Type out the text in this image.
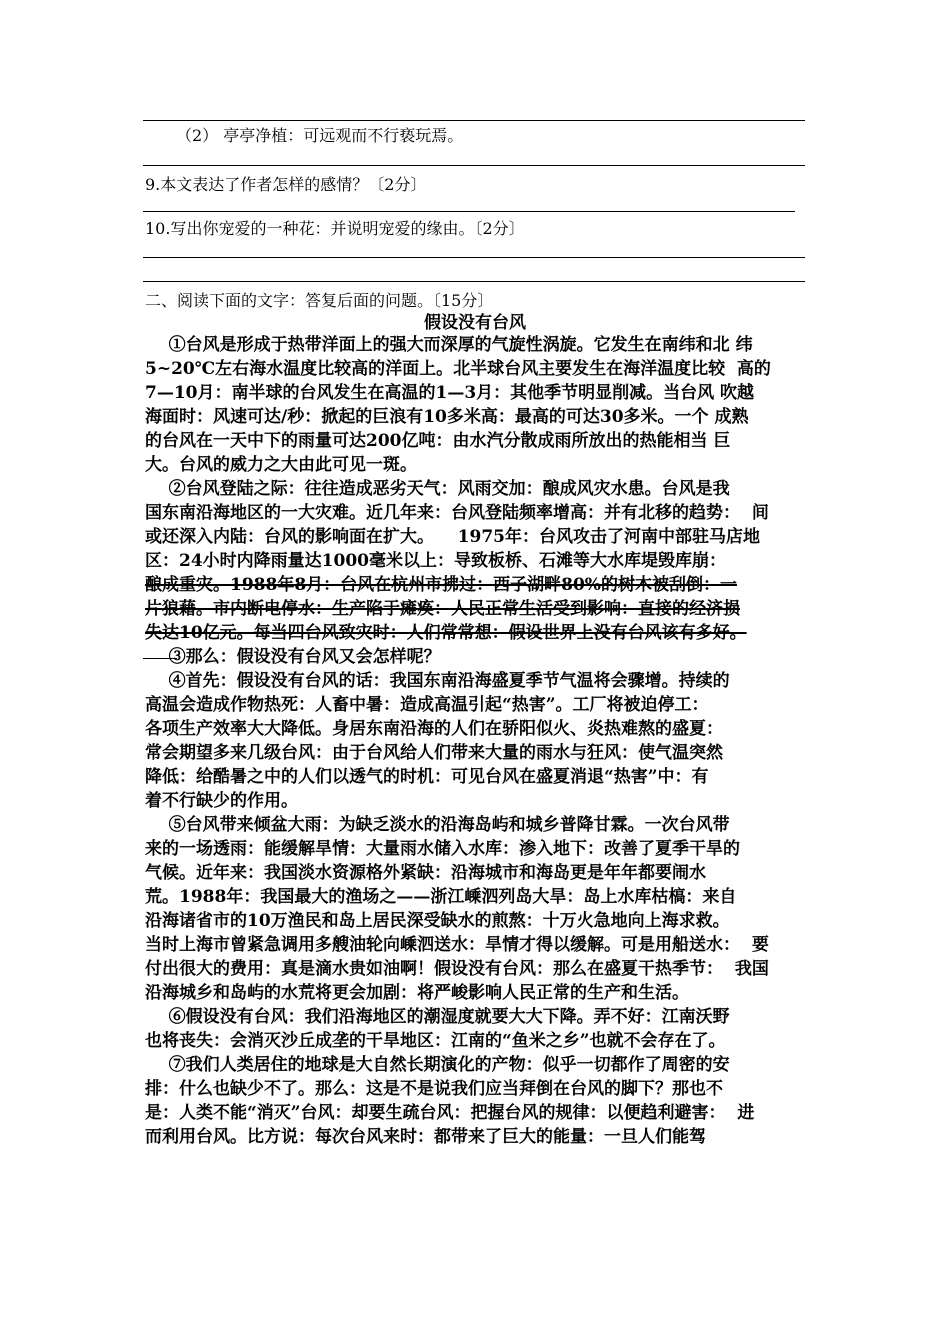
（2） 亭亭净植：可远观而不行亵玩焉。
9.本文表达了作者怎样的感情？〔2分〕
10.写出你宠爱的一种花：并说明宠爱的缘由。〔2分〕
二、阅读下面的文字：答复后面的问题。〔15分〕
假设没有台风
①台风是形成于热带洋面上的强大而深厚的气旋性涡旋。它发生在南纬和北 纬
5~20℃左右海水温度比较高的洋面上。北半球台风主要发生在海洋温度比较  高的
7—10月：南半球的台风发生在高温的1—3月：其他季节明显削减。当台风 吹越
海面时：风速可达/秒：掀起的巨浪有10多米高：最高的可达30多米。一个 成熟
的台风在一天中下的雨量可达200亿吨：由水汽分散成雨所放出的热能相当 巨
大。台风的威力之大由此可见一斑。
②台风登陆之际：往往造成恶劣天气：风雨交加：酿成风灾水患。台风是我
国东南沿海地区的一大灾难。近几年来：台风登陆频率增高：并有北移的趋势：  间
或还深入内陆：台风的影响面在扩大。    1975年：台风攻击了河南中部驻马店地
区：24小时内降雨量达1000毫米以上：导致板桥、石滩等大水库堤毁库崩：
酿成重灾。1988年8月：台风在杭州市拂过：西子湖畔80%的树木被刮倒：一
片狼藉。市内断电停水：生产陷于瘫痪：人民正常生活受到影响：直接的经济损
失达10亿元。每当四台风致灾时：人们常常想：假设世界上没有台风该有多好。
③那么：假设没有台风又会怎样呢？
④首先：假设没有台风的话：我国东南沿海盛夏季节气温将会骤增。持续的
高温会造成作物热死：人畜中暑：造成高温引起“热害”。工厂将被迫停工：
各项生产效率大大降低。身居东南沿海的人们在骄阳似火、炎热难熬的盛夏：
常会期望多来几级台风：由于台风给人们带来大量的雨水与狂风：使气温突然
降低：给酷暑之中的人们以透气的时机：可见台风在盛夏消退“热害”中：有
着不行缺少的作用。
⑤台风带来倾盆大雨：为缺乏淡水的沿海岛屿和城乡普降甘霖。一次台风带
来的一场透雨：能缓解旱情：大量雨水储入水库：渗入地下：改善了夏季干旱的
气候。近年来：我国淡水资源格外紧缺：沿海城市和海岛更是年年都要闹水
荒。1988年：我国最大的渔场之——浙江嵊泗列岛大旱：岛上水库枯槁：来自
沿海诸省市的10万渔民和岛上居民深受缺水的煎熬：十万火急地向上海求救。
当时上海市曾紧急调用多艘油轮向嵊泗送水：旱情才得以缓解。可是用船送水：  要
付出很大的费用：真是滴水贵如油啊！假设没有台风：那么在盛夏干热季节：  我国
沿海城乡和岛屿的水荒将更会加剧：将严峻影响人民正常的生产和生活。
⑥假设没有台风：我们沿海地区的潮湿度就要大大下降。弄不好：江南沃野
也将丧失：会消灭沙丘成垄的干旱地区：江南的“鱼米之乡”也就不会存在了。
⑦我们人类居住的地球是大自然长期演化的产物：似乎一切都作了周密的安
排：什么也缺少不了。那么：这是不是说我们应当拜倒在台风的脚下？那也不
是：人类不能“消灭”台风：却要生疏台风：把握台风的规律：以便趋利避害：  进
而利用台风。比方说：每次台风来时：都带来了巨大的能量：一旦人们能驾
